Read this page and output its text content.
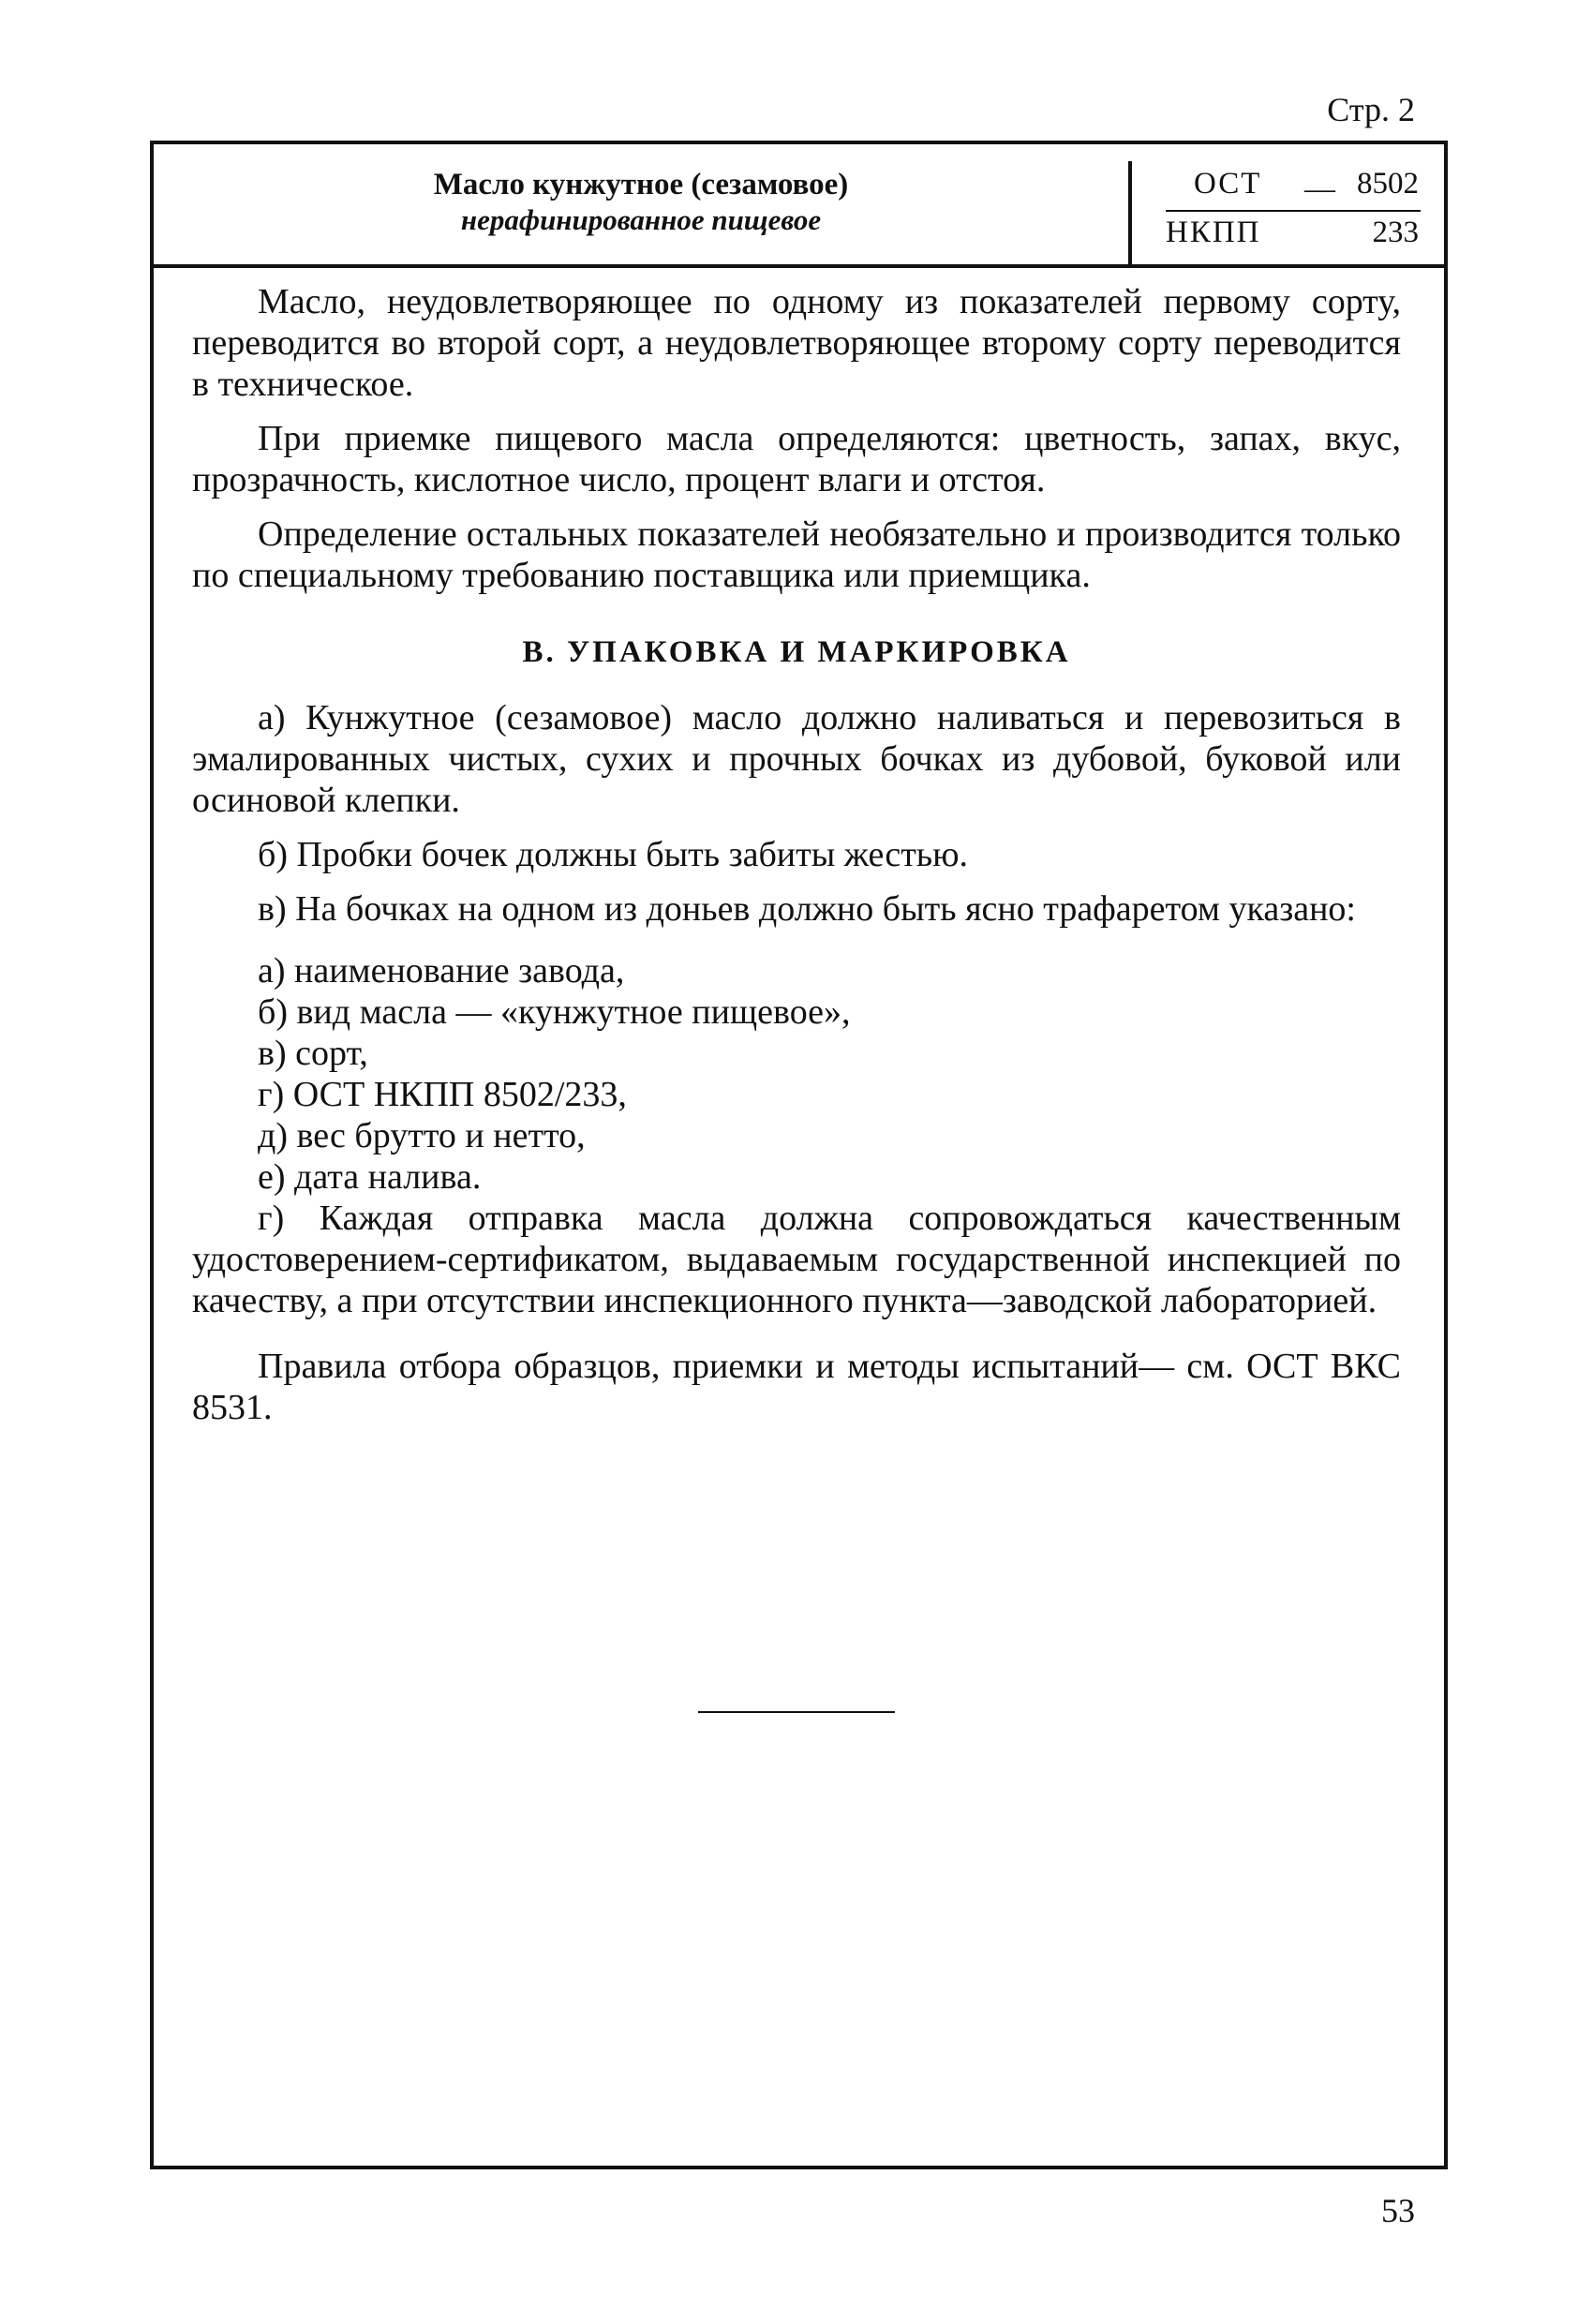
Стр. 2
Масло кунжутное (сезамовое)
нерафинированное пищевое
ОСТ — 8502
НКПП	233

Масло, неудовлетворяющее по одному из показателей первому сорту, переводится во второй сорт, а неудовлетворяющее второму сорту переводится в техническое.

При приемке пищевого масла определяются: цветность, запах, вкус, прозрачность, кислотное число, процент влаги и отстоя.

Определение остальных показателей необязательно и производится только по специальному требованию поставщика или приемщика.

В. УПАКОВКА И МАРКИРОВКА

а) Кунжутное (сезамовое) масло должно наливаться и перевозиться в эмалированных чистых, сухих и прочных бочках из дубовой, буковой или осиновой клепки.

б) Пробки бочек должны быть забиты жестью.

в) На бочках на одном из доньев должно быть ясно трафаретом указано:

а) наименование завода,
б) вид масла — «кунжутное пищевое»,
в) сорт,
г) ОСТ НКПП 8502/233,
д) вес брутто и нетто,
е) дата налива.

г) Каждая отправка масла должна сопровождаться качественным удостоверением-сертификатом, выдаваемым государственной инспекцией по качеству, а при отсутствии инспекционного пункта—заводской лабораторией.

Правила отбора образцов, приемки и методы испытаний— см. ОСТ ВКС 8531.

53
